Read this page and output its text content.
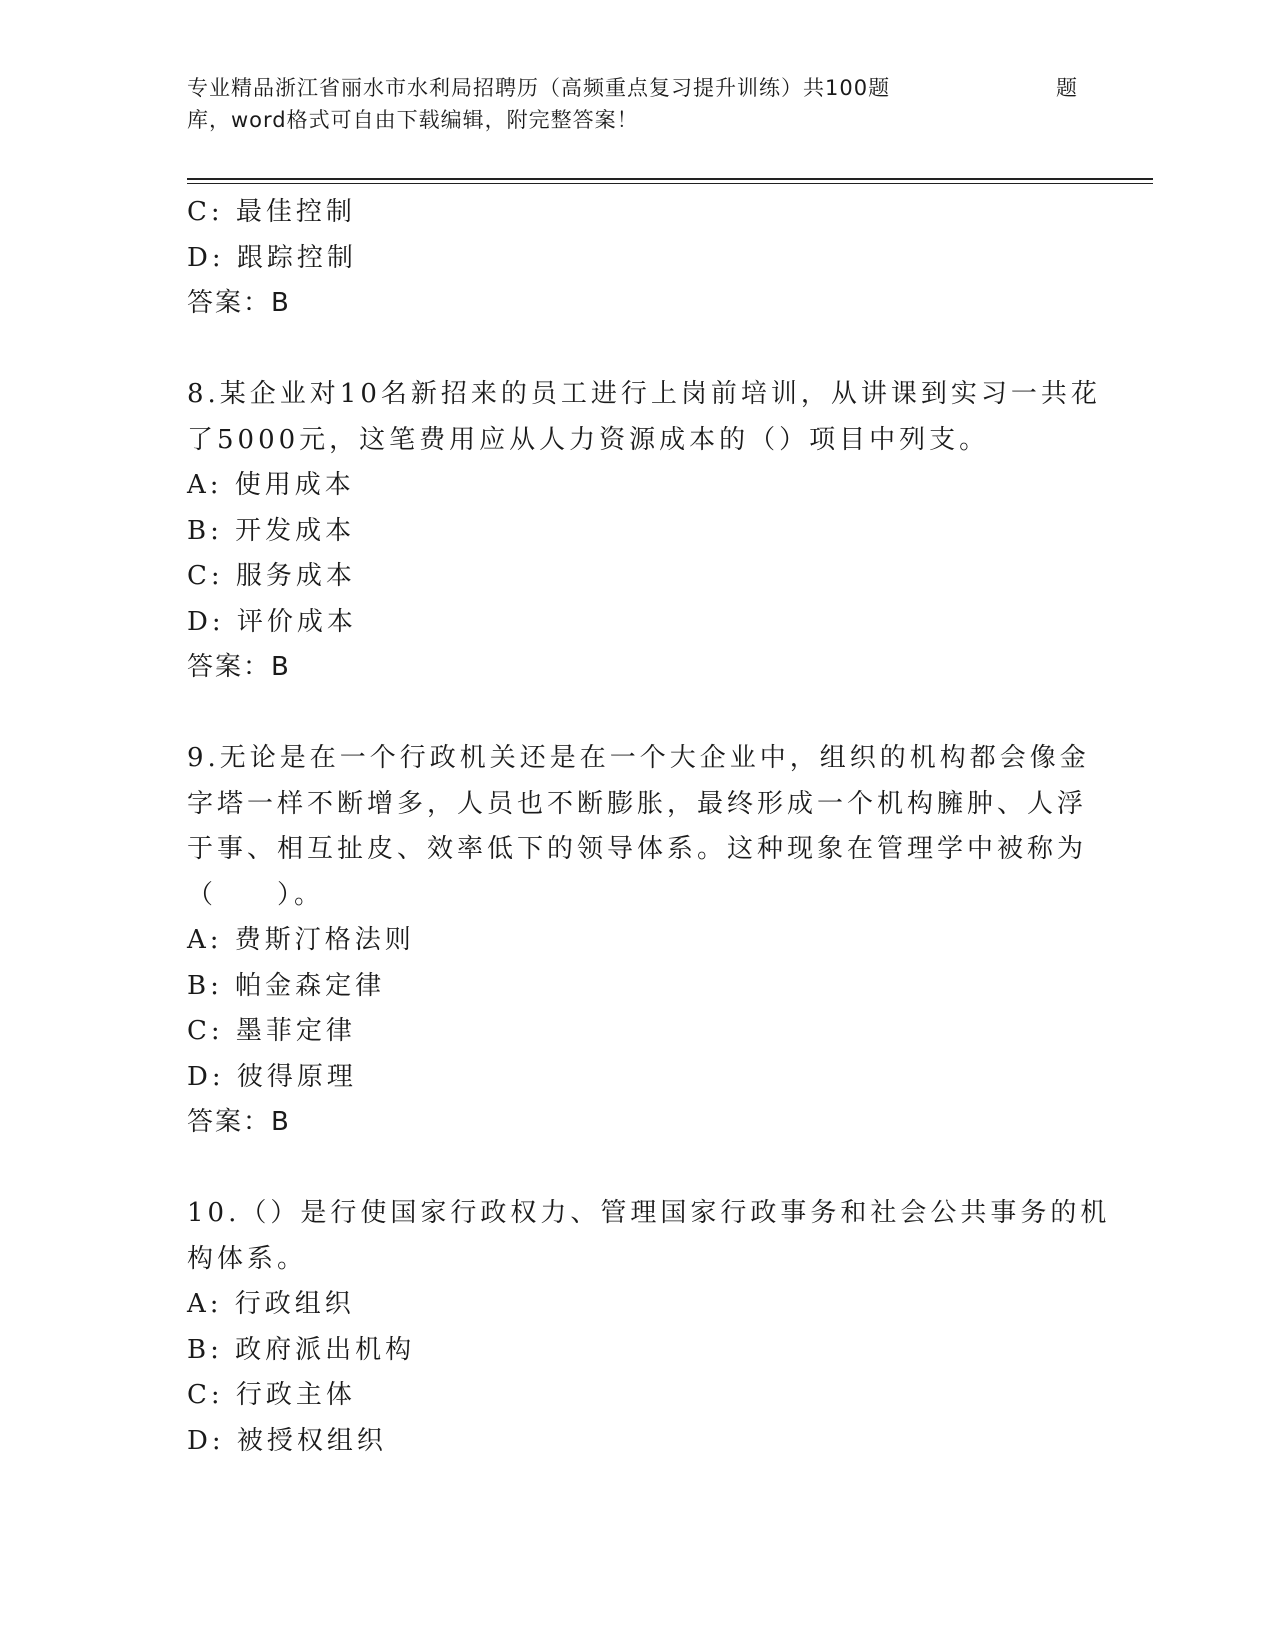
专业精品浙江省丽水市水利局招聘历（高频重点复习提升训练）共100题	题
库，word格式可自由下载编辑，附完整答案！
C: 最佳控制
D: 跟踪控制
答案：B
8.某企业对10名新招来的员工进行上岗前培训，从讲课到实习一共花
了5000元，这笔费用应从人力资源成本的（）项目中列支。
A: 使用成本
B: 开发成本
C: 服务成本
D: 评价成本
答案：B
9.无论是在一个行政机关还是在一个大企业中，组织的机构都会像金
字塔一样不断增多，人员也不断膨胀，最终形成一个机构臃肿、人浮
于事、相互扯皮、效率低下的领导体系。这种现象在管理学中被称为
（　　）。
A: 费斯汀格法则
B: 帕金森定律
C: 墨菲定律
D: 彼得原理
答案：B
10.（）是行使国家行政权力、管理国家行政事务和社会公共事务的机
构体系。
A: 行政组织
B: 政府派出机构
C: 行政主体
D: 被授权组织
